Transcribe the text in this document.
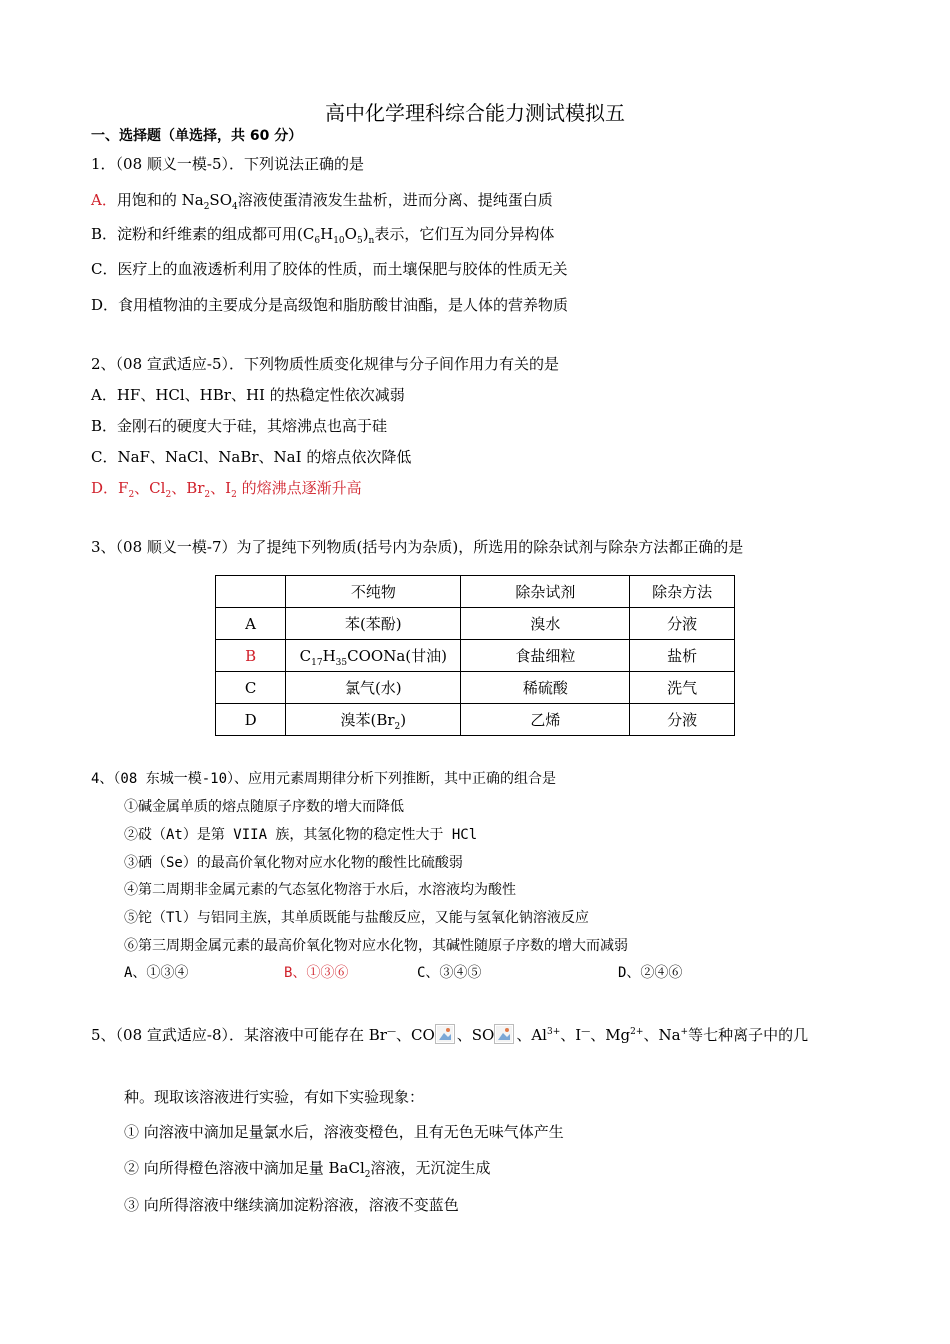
高中化学理科综合能力测试模拟五
一、选择题（单选择，共 60 分）
1．（08 顺义一模-5）．下列说法正确的是
A．用饱和的 $Na_2SO_4$溶液使蛋清液发生盐析，进而分离、提纯蛋白质
B．淀粉和纤维素的组成都可用$(C_6H_{10}O_5)_n$表示，它们互为同分异构体
C．医疗上的血液透析利用了胶体的性质，而土壤保肥与胶体的性质无关
D．食用植物油的主要成分是高级饱和脂肪酸甘油酯，是人体的营养物质
2、（08 宣武适应-5）．下列物质性质变化规律与分子间作用力有关的是
A．HF、HCl、HBr、HI 的热稳定性依次减弱
B．金刚石的硬度大于硅，其熔沸点也高于硅
C．NaF、NaCl、NaBr、NaI 的熔点依次降低
D．$F_2$、$Cl_2$、$Br_2$、$I_2$ 的熔沸点逐渐升高
3、（08 顺义一模-7）为了提纯下列物质(括号内为杂质)，所选用的除杂试剂与除杂方法都正确的是
	不纯物	除杂试剂	除杂方法
A	苯(苯酚)	溴水	分液
B	$C_{17}H_{35}COONa$(甘油)	食盐细粒	盐析
C	氯气(水)	稀硫酸	洗气
D	溴苯$(Br_2)$	乙烯	分液
4、（08 东城一模-10）、应用元素周期律分析下列推断，其中正确的组合是
①碱金属单质的熔点随原子序数的增大而降低
②砹（At）是第 VIIA 族，其氢化物的稳定性大于 HCl
③硒（Se）的最高价氧化物对应水化物的酸性比硫酸弱
④第二周期非金属元素的气态氢化物溶于水后，水溶液均为酸性
⑤铊（Tl）与铝同主族，其单质既能与盐酸反应，又能与氢氧化钠溶液反应
⑥第三周期金属元素的最高价氧化物对应水化物，其碱性随原子序数的增大而减弱
A、①③④	B、①③⑥	C、③④⑤	D、②④⑥
5、（08 宣武适应-8）．某溶液中可能存在 Br—、CO 、SO 、$Al^{3+}$、I—、$Mg^{2+}$、Na+等七种离子中的几
种。现取该溶液进行实验，有如下实验现象：
① 向溶液中滴加足量氯水后，溶液变橙色，且有无色无味气体产生
② 向所得橙色溶液中滴加足量 BaCl$_2$溶液，无沉淀生成
③ 向所得溶液中继续滴加淀粉溶液，溶液不变蓝色
